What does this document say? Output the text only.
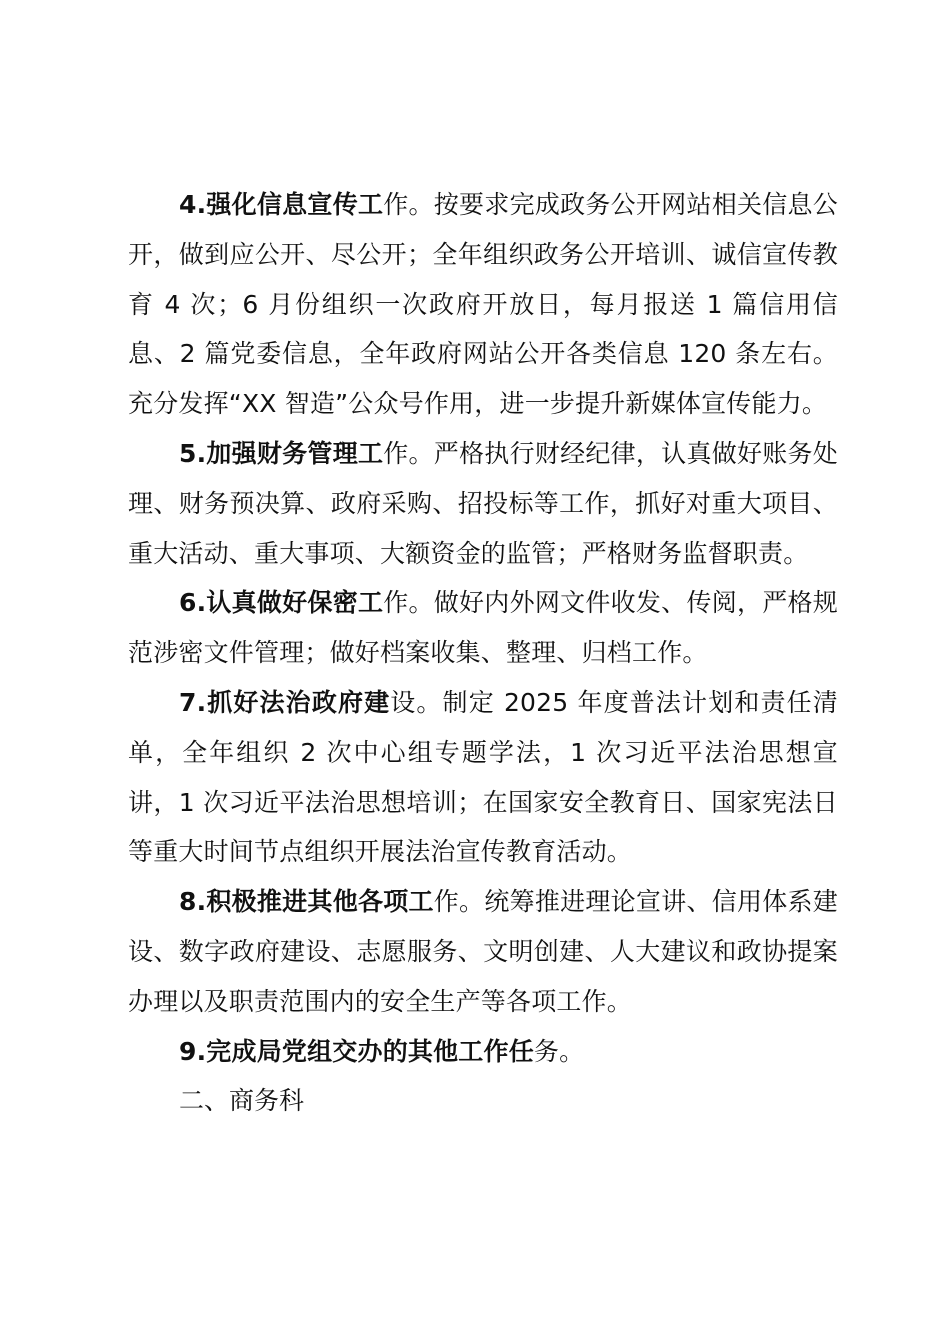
4.强化信息宣传工作。按要求完成政务公开网站相关信息公开，做到应公开、尽公开；全年组织政务公开培训、诚信宣传教育 4 次；6 月份组织一次政府开放日，每月报送 1 篇信用信息、2 篇党委信息，全年政府网站公开各类信息 120 条左右。充分发挥“XX 智造”公众号作用，进一步提升新媒体宣传能力。

5.加强财务管理工作。严格执行财经纪律，认真做好账务处理、财务预决算、政府采购、招投标等工作，抓好对重大项目、重大活动、重大事项、大额资金的监管；严格财务监督职责。

6.认真做好保密工作。做好内外网文件收发、传阅，严格规范涉密文件管理；做好档案收集、整理、归档工作。

7.抓好法治政府建设。制定 2025 年度普法计划和责任清单，全年组织 2 次中心组专题学法，1 次习近平法治思想宣讲，1 次习近平法治思想培训；在国家安全教育日、国家宪法日等重大时间节点组织开展法治宣传教育活动。

8.积极推进其他各项工作。统筹推进理论宣讲、信用体系建设、数字政府建设、志愿服务、文明创建、人大建议和政协提案办理以及职责范围内的安全生产等各项工作。

9.完成局党组交办的其他工作任务。

二、商务科
